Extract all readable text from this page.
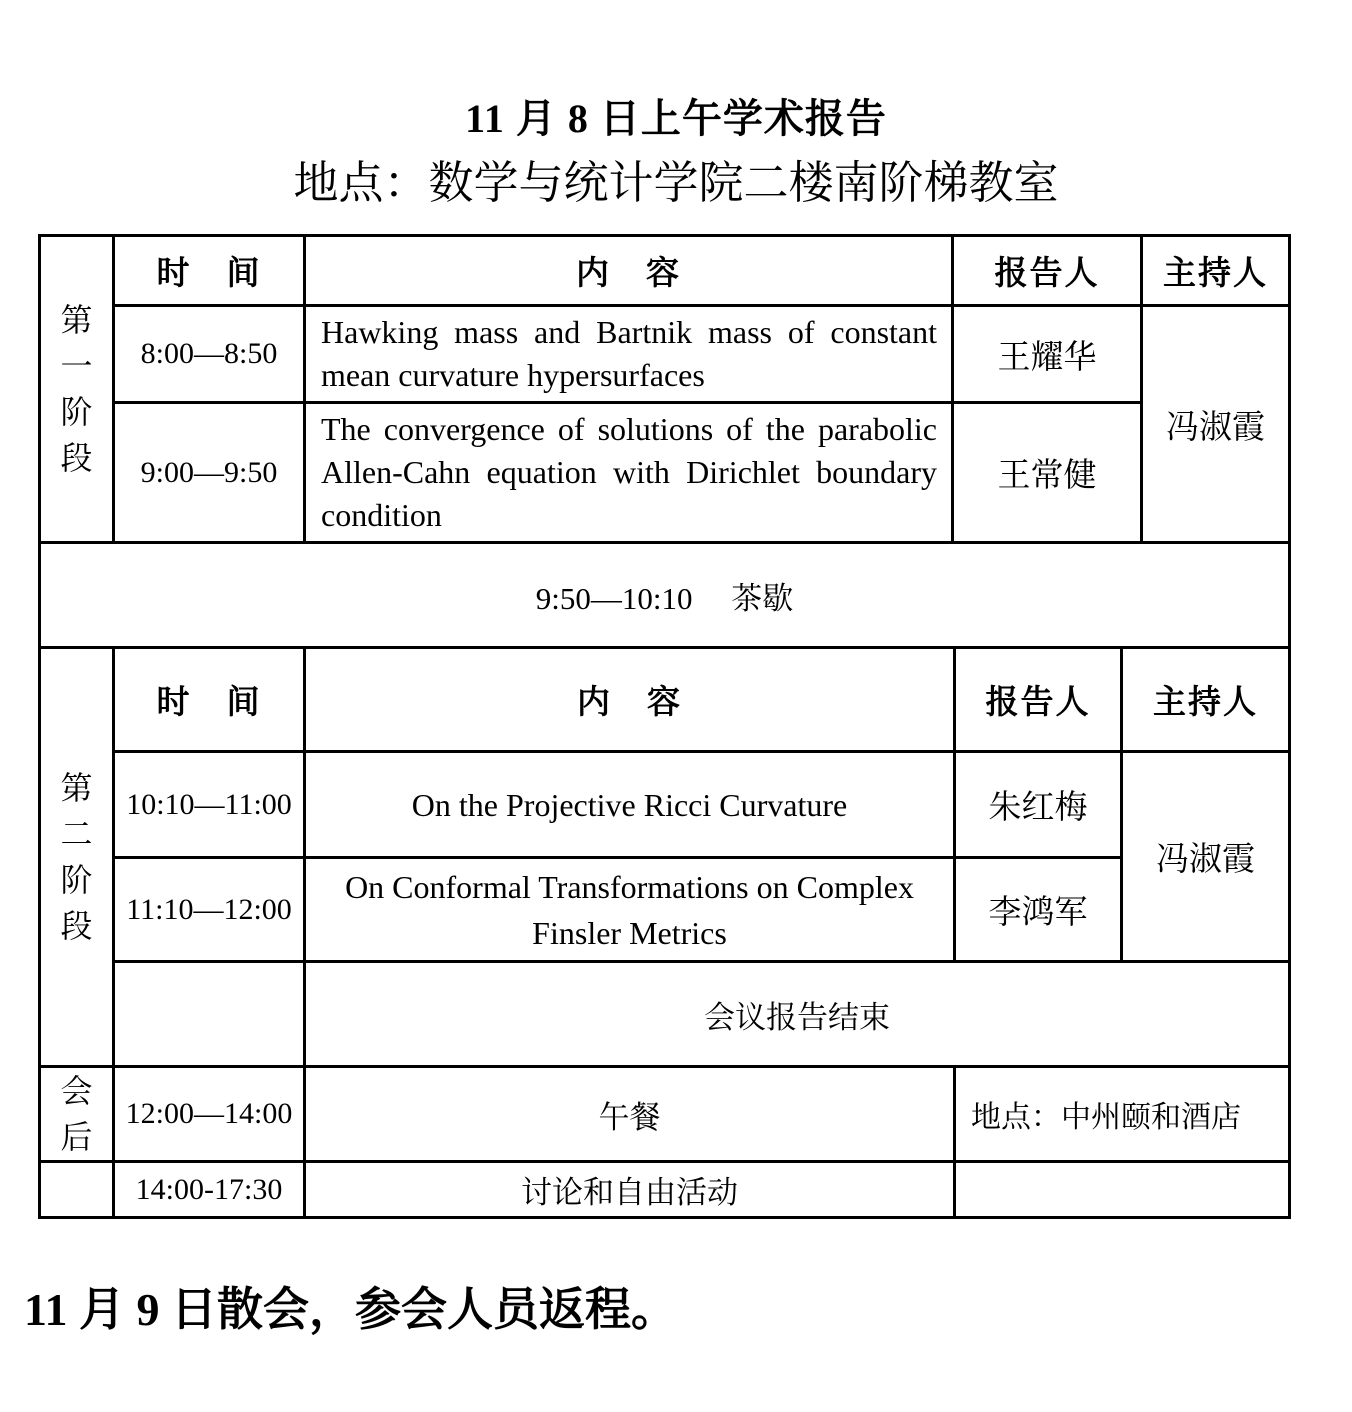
11 月 8 日上午学术报告
地点：数学与统计学院二楼南阶梯教室
第一阶段	时　间	内　容	报告人	主持人
	8:00—8:50	Hawking mass and Bartnik mass of constant mean curvature hypersurfaces	王耀华	冯淑霞
	9:00—9:50	The convergence of solutions of the parabolic Allen-Cahn equation with Dirichlet boundary condition	王常健	
9:50—10:10　 茶歇				
第二阶段	时　间	内　容	报告人	主持人
	10:10—11:00	On the Projective Ricci Curvature	朱红梅	冯淑霞
	11:10—12:00	On Conformal Transformations on Complex Finsler Metrics	李鸿军	
		会议报告结束		
会后	12:00—14:00	午餐	地点：中州颐和酒店	
	14:00-17:30	讨论和自由活动		
11 月 9 日散会，参会人员返程。
